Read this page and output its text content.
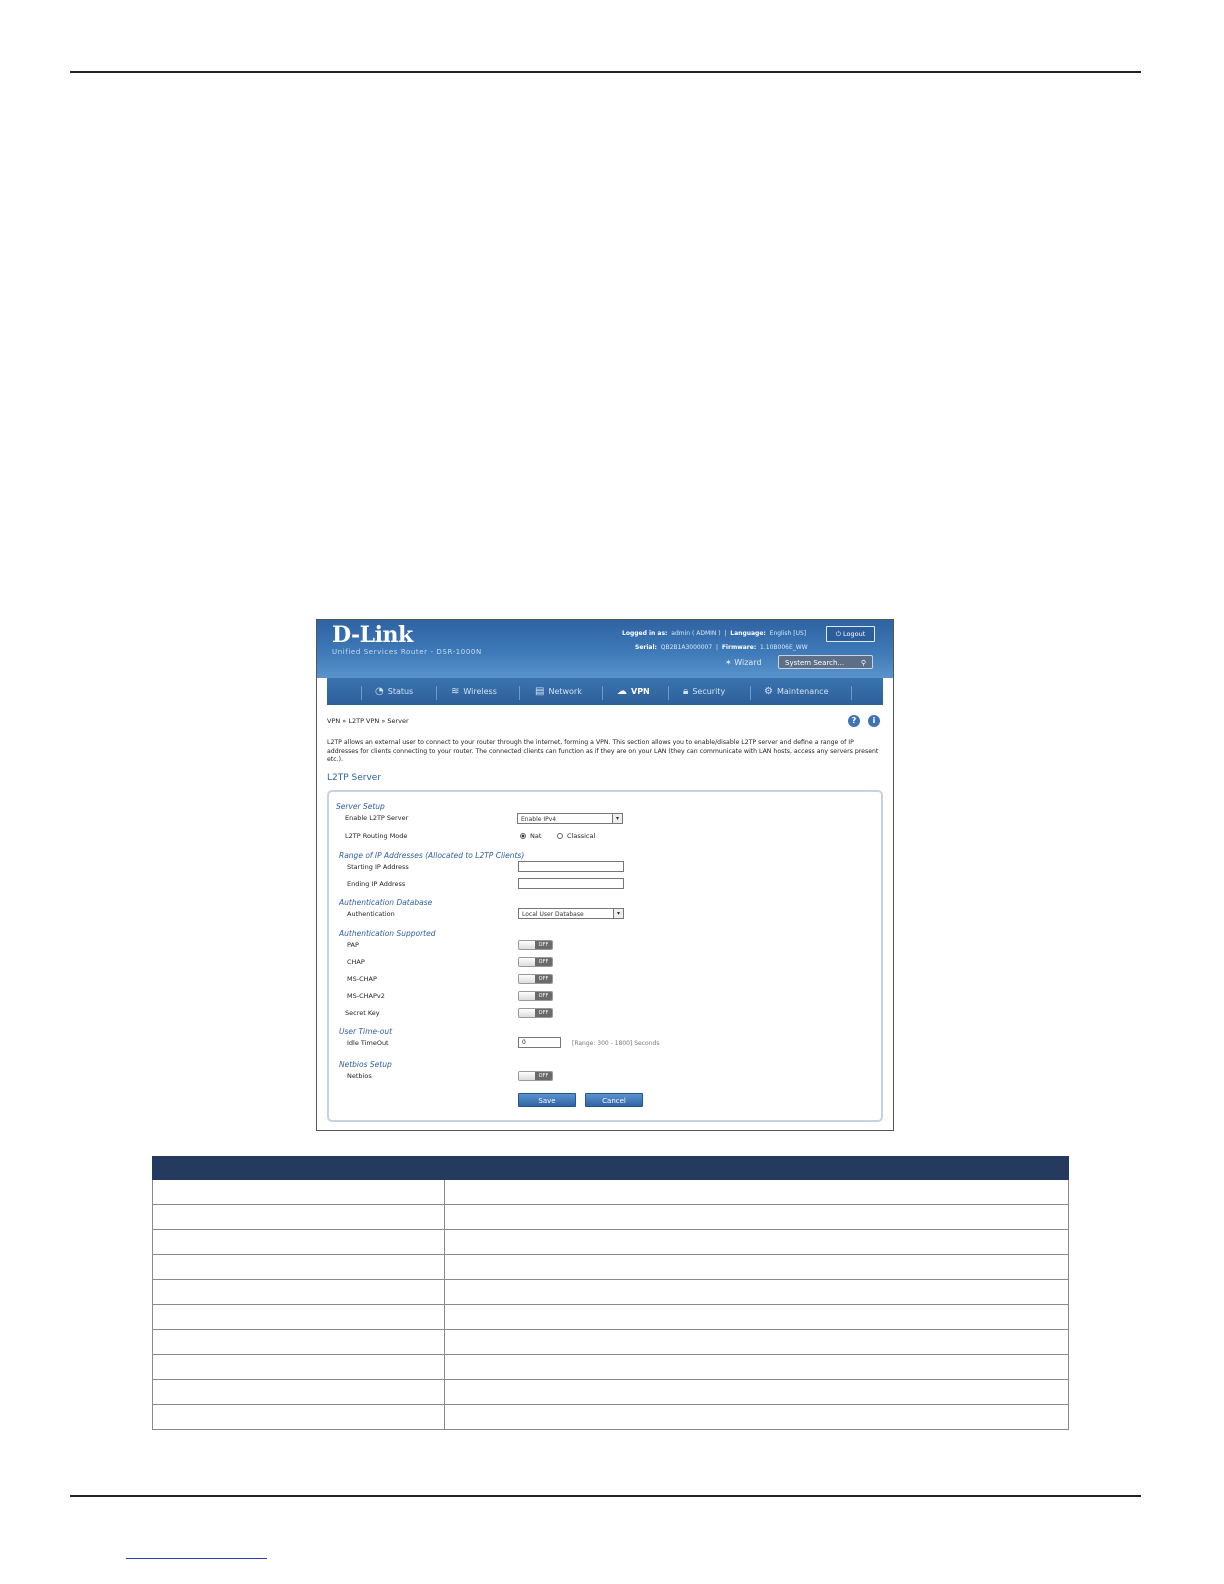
D-Link
Unified Services Router - DSR-1000N
Logged in as: admin ( ADMIN )  |  Language: English [US]	⏻ Logout
Serial: QB2B1A3000007  |  Firmware: 1.10B006E_WW
✶ Wizard	System Search... ⚲
◔ Status	≋ Wireless	▤ Network	☁ VPN	🔒︎ Security	⚙ Maintenance
VPN » L2TP VPN » Server	?	i
L2TP allows an external user to connect to your router through the internet, forming a VPN. This section allows you to enable/disable L2TP server and define a range of IP addresses for clients connecting to your router. The connected clients can function as if they are on your LAN (they can communicate with LAN hosts, access any servers present etc.).
L2TP Server
Server Setup
Enable L2TP Server	Enable IPv4	▾
L2TP Routing Mode	Nat	Classical
Range of IP Addresses (Allocated to L2TP Clients)
Starting IP Address
Ending IP Address
Authentication Database
Authentication	Local User Database	▾
Authentication Supported
PAP	OFF
CHAP	OFF
MS-CHAP	OFF
MS-CHAPv2	OFF
Secret Key	OFF
User Time-out
Idle TimeOut	0	[Range: 300 - 1800] Seconds
Netbios Setup
Netbios	OFF
Save	Cancel
